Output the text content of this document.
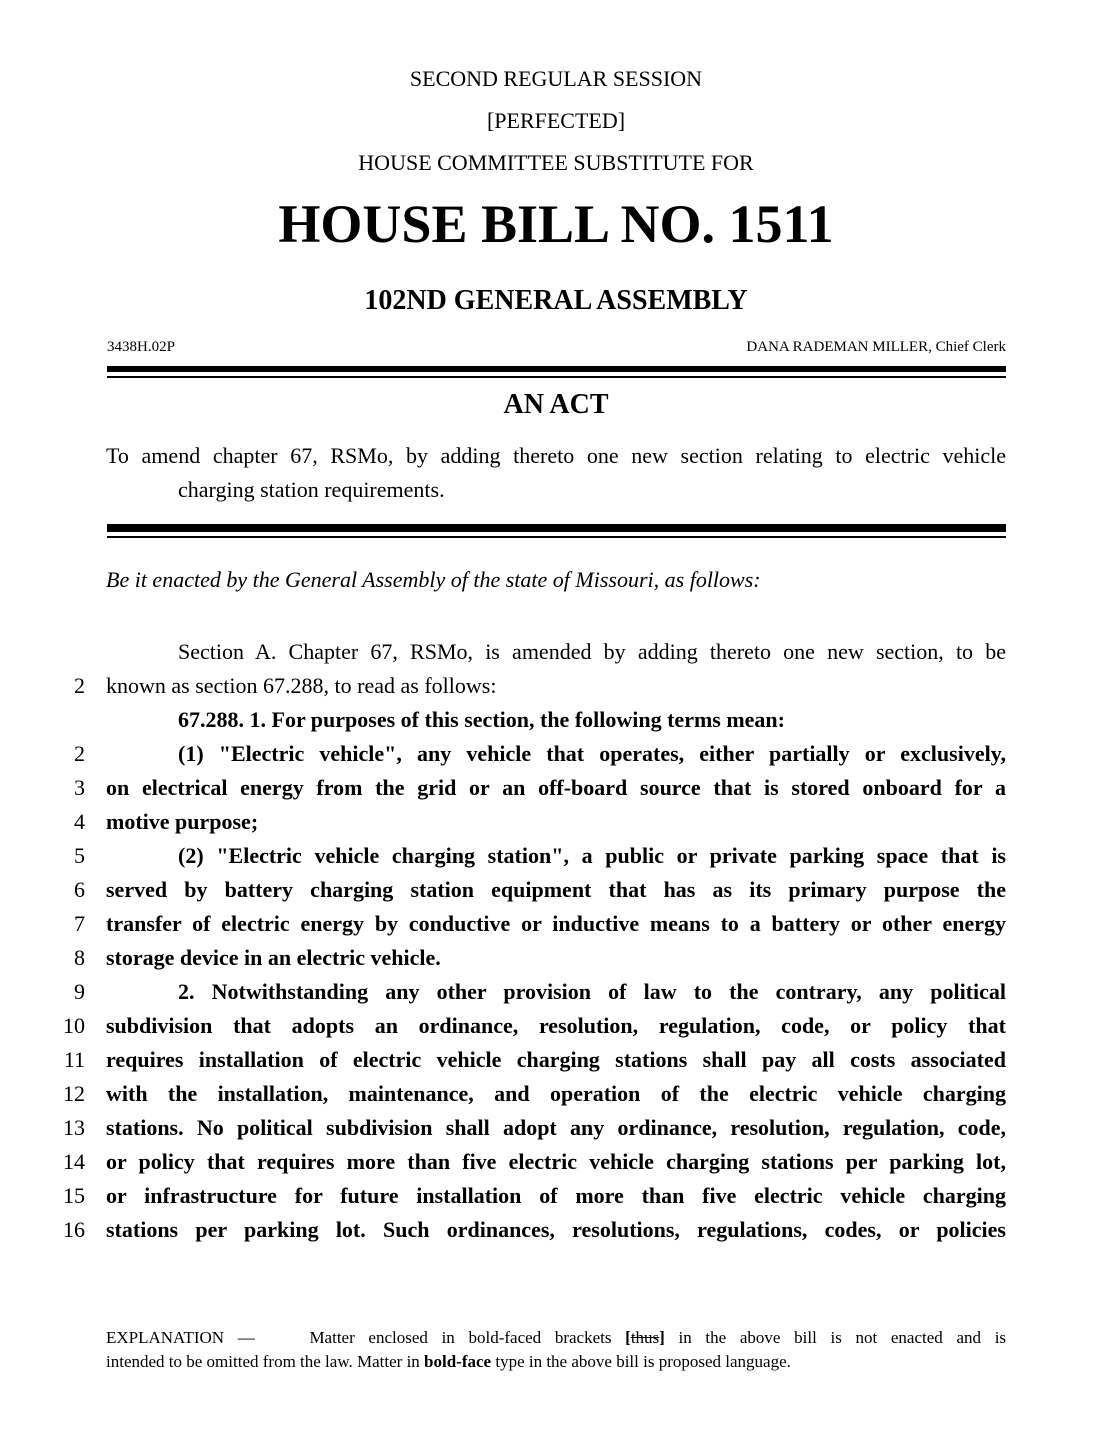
SECOND REGULAR SESSION
[PERFECTED]
HOUSE COMMITTEE SUBSTITUTE FOR
HOUSE BILL NO. 1511
102ND GENERAL ASSEMBLY
3438H.02P	DANA RADEMAN MILLER, Chief Clerk
AN ACT
To amend chapter 67, RSMo, by adding thereto one new section relating to electric vehicle
charging station requirements.
Be it enacted by the General Assembly of the state of Missouri, as follows:
Section A. Chapter 67, RSMo, is amended by adding thereto one new section, to be
2 known as section 67.288, to read as follows:
67.288. 1. For purposes of this section, the following terms mean:
2	(1) "Electric vehicle", any vehicle that operates, either partially or exclusively,
3 on electrical energy from the grid or an off-board source that is stored onboard for a
4 motive purpose;
5	(2) "Electric vehicle charging station", a public or private parking space that is
6 served by battery charging station equipment that has as its primary purpose the
7 transfer of electric energy by conductive or inductive means to a battery or other energy
8 storage device in an electric vehicle.
9	2. Notwithstanding any other provision of law to the contrary, any political
10 subdivision that adopts an ordinance, resolution, regulation, code, or policy that
11 requires installation of electric vehicle charging stations shall pay all costs associated
12 with the installation, maintenance, and operation of the electric vehicle charging
13 stations. No political subdivision shall adopt any ordinance, resolution, regulation, code,
14 or policy that requires more than five electric vehicle charging stations per parking lot,
15 or infrastructure for future installation of more than five electric vehicle charging
16 stations per parking lot. Such ordinances, resolutions, regulations, codes, or policies
EXPLANATION —	Matter enclosed in bold-faced brackets [thus] in the above bill is not enacted and is
intended to be omitted from the law. Matter in bold-face type in the above bill is proposed language.
